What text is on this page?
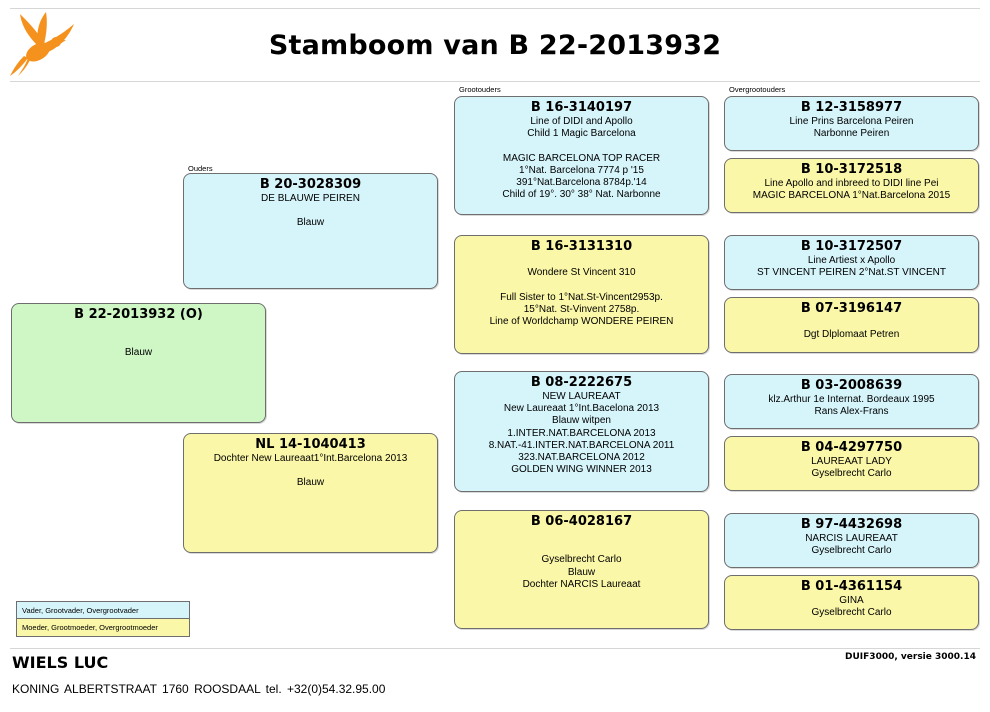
Stamboom van B 22-2013932
Ouders
Grootouders	Overgrootouders
B 22-2013932 (O)
Blauw
B 20-3028309
DE BLAUWE PEIREN
Blauw
NL 14-1040413
Dochter New Laureaat1°Int.Barcelona 2013
Blauw
B 16-3140197
Line of DIDI and Apollo
Child 1 Magic Barcelona
MAGIC BARCELONA TOP RACER
1°Nat. Barcelona 7774 p '15
391°Nat.Barcelona 8784p.'14
Child of 19°. 30° 38° Nat. Narbonne
B 16-3131310
Wondere St Vincent 310
Full Sister to 1°Nat.St-Vincent2953p.
15°Nat. St-Vinvent 2758p.
Line of Worldchamp WONDERE PEIREN
B 08-2222675
NEW LAUREAAT
New Laureaat 1°Int.Bacelona 2013
Blauw witpen
1.INTER.NAT.BARCELONA 2013
8.NAT.-41.INTER.NAT.BARCELONA 2011
323.NAT.BARCELONA 2012
GOLDEN WING WINNER 2013
B 06-4028167
Gyselbrecht Carlo
Blauw
Dochter NARCIS Laureaat
B 12-3158977
Line Prins Barcelona Peiren
Narbonne Peiren
B 10-3172518
Line Apollo and inbreed to DIDI line Pei
MAGIC BARCELONA 1°Nat.Barcelona 2015
B 10-3172507
Line Artiest x Apollo
ST VINCENT PEIREN 2°Nat.ST VINCENT
B 07-3196147
Dgt Dlplomaat Petren
B 03-2008639
klz.Arthur 1e Internat. Bordeaux 1995
Rans Alex-Frans
B 04-4297750
LAUREAAT LADY
Gyselbrecht Carlo
B 97-4432698
NARCIS LAUREAAT
Gyselbrecht Carlo
B 01-4361154
GINA
Gyselbrecht Carlo
Vader, Grootvader, Overgrootvader
Moeder, Grootmoeder, Overgrootmoeder
WIELS LUC
KONING ALBERTSTRAAT 1760 ROOSDAAL tel. +32(0)54.32.95.00
DUIF3000, versie 3000.14
